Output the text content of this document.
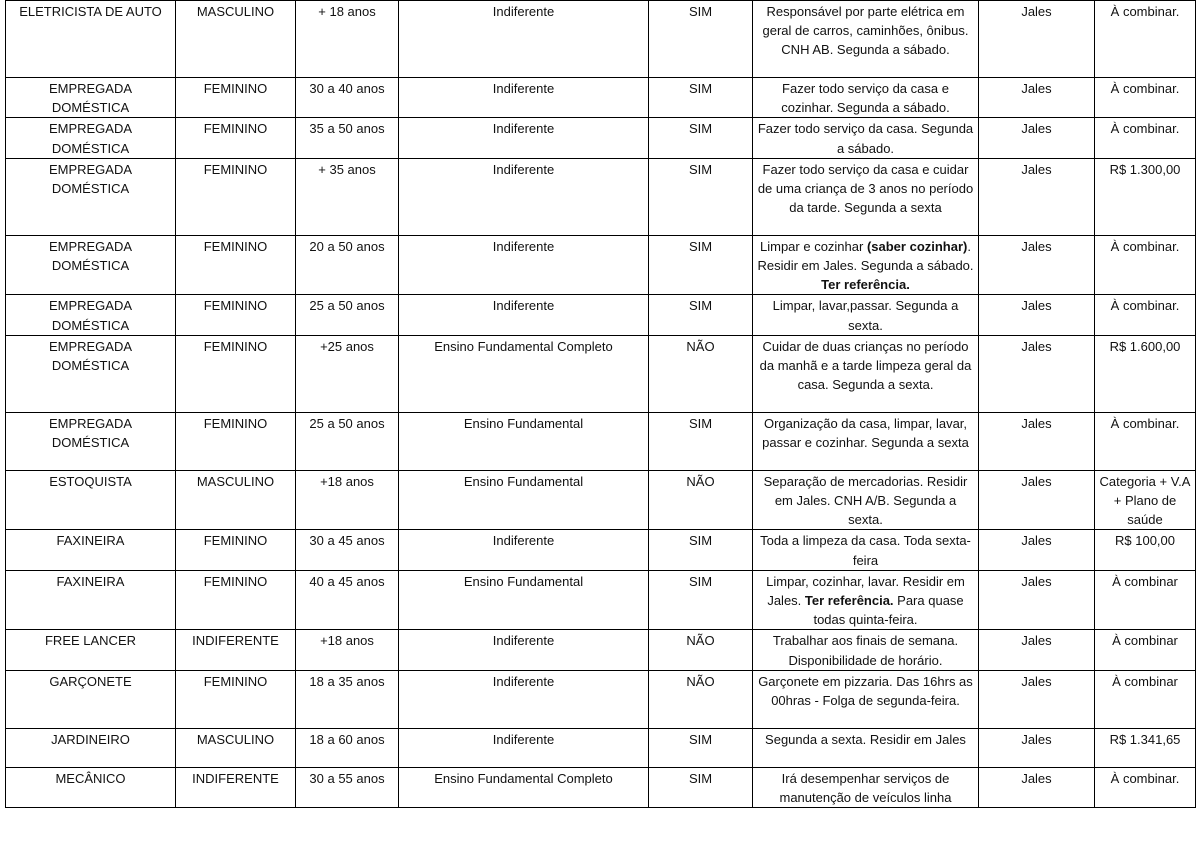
ELETRICISTA DE AUTO	MASCULINO	+ 18 anos	Indiferente	SIM	Responsável por parte elétrica em geral de carros, caminhões, ônibus. CNH AB. Segunda a sábado.	Jales	À combinar.
EMPREGADA DOMÉSTICA	FEMININO	30 a 40 anos	Indiferente	SIM	Fazer todo serviço da casa e cozinhar. Segunda a sábado.	Jales	À combinar.
EMPREGADA DOMÉSTICA	FEMININO	35 a 50 anos	Indiferente	SIM	Fazer todo serviço da casa. Segunda a sábado.	Jales	À combinar.
EMPREGADA DOMÉSTICA	FEMININO	+ 35 anos	Indiferente	SIM	Fazer todo serviço da casa e cuidar de uma criança de 3 anos no período da tarde. Segunda a sexta	Jales	R$ 1.300,00
EMPREGADA DOMÉSTICA	FEMININO	20 a 50 anos	Indiferente	SIM	Limpar e cozinhar (saber cozinhar). Residir em Jales. Segunda a sábado. Ter referência.	Jales	À combinar.
EMPREGADA DOMÉSTICA	FEMININO	25 a 50 anos	Indiferente	SIM	Limpar, lavar,passar. Segunda a sexta.	Jales	À combinar.
EMPREGADA DOMÉSTICA	FEMININO	+25 anos	Ensino Fundamental Completo	NÃO	Cuidar de duas crianças no período da manhã e a tarde limpeza geral da casa. Segunda a sexta.	Jales	R$ 1.600,00
EMPREGADA DOMÉSTICA	FEMININO	25 a 50 anos	Ensino Fundamental	SIM	Organização da casa, limpar, lavar, passar e cozinhar. Segunda a sexta	Jales	À combinar.
ESTOQUISTA	MASCULINO	+18 anos	Ensino Fundamental	NÃO	Separação de mercadorias. Residir em Jales. CNH A/B. Segunda a sexta.	Jales	Categoria + V.A + Plano de saúde
FAXINEIRA	FEMININO	30 a 45 anos	Indiferente	SIM	Toda a limpeza da casa. Toda sexta-feira	Jales	R$ 100,00
FAXINEIRA	FEMININO	40 a 45 anos	Ensino Fundamental	SIM	Limpar, cozinhar, lavar. Residir em Jales. Ter referência. Para quase todas quinta-feira.	Jales	À combinar
FREE LANCER	INDIFERENTE	+18 anos	Indiferente	NÃO	Trabalhar aos finais de semana. Disponibilidade de horário.	Jales	À combinar
GARÇONETE	FEMININO	18 a 35 anos	Indiferente	NÃO	Garçonete em pizzaria. Das 16hrs as 00hras - Folga de segunda-feira.	Jales	À combinar
JARDINEIRO	MASCULINO	18 a 60 anos	Indiferente	SIM	Segunda a sexta. Residir em Jales	Jales	R$ 1.341,65
MECÂNICO	INDIFERENTE	30 a 55 anos	Ensino Fundamental Completo	SIM	Irá desempenhar serviços de manutenção de veículos linha	Jales	À combinar.
